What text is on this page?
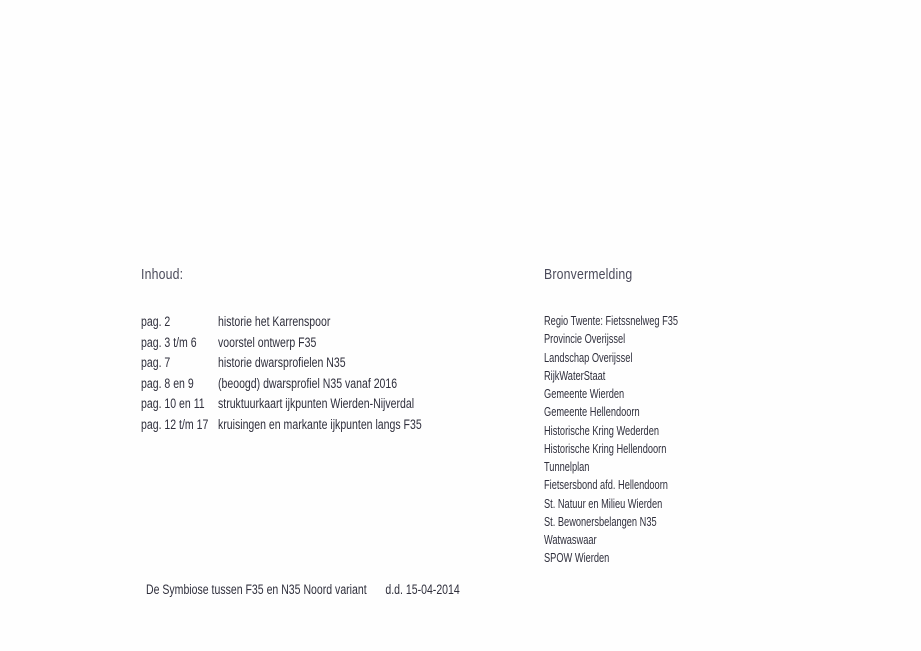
Inhoud:
pag. 2	historie het Karrenspoor
pag. 3 t/m 6 voorstel ontwerp F35
pag. 7	historie dwarsprofielen N35
pag. 8 en 9 (beoogd) dwarsprofiel N35 vanaf 2016
pag. 10 en 11 struktuurkaart ijkpunten Wierden-Nijverdal
pag. 12 t/m 17 kruisingen en markante ijkpunten langs F35
Bronvermelding
Regio Twente: Fietssnelweg F35
Provincie Overijssel
Landschap Overijssel
RijkWaterStaat
Gemeente Wierden
Gemeente Hellendoorn
Historische Kring Wederden
Historische Kring Hellendoorn
Tunnelplan
Fietsersbond afd. Hellendoorn
St. Natuur en Milieu Wierden
St. Bewonersbelangen N35
Watwaswaar
SPOW Wierden
De Symbiose tussen F35 en N35 Noord variant d.d. 15-04-2014
